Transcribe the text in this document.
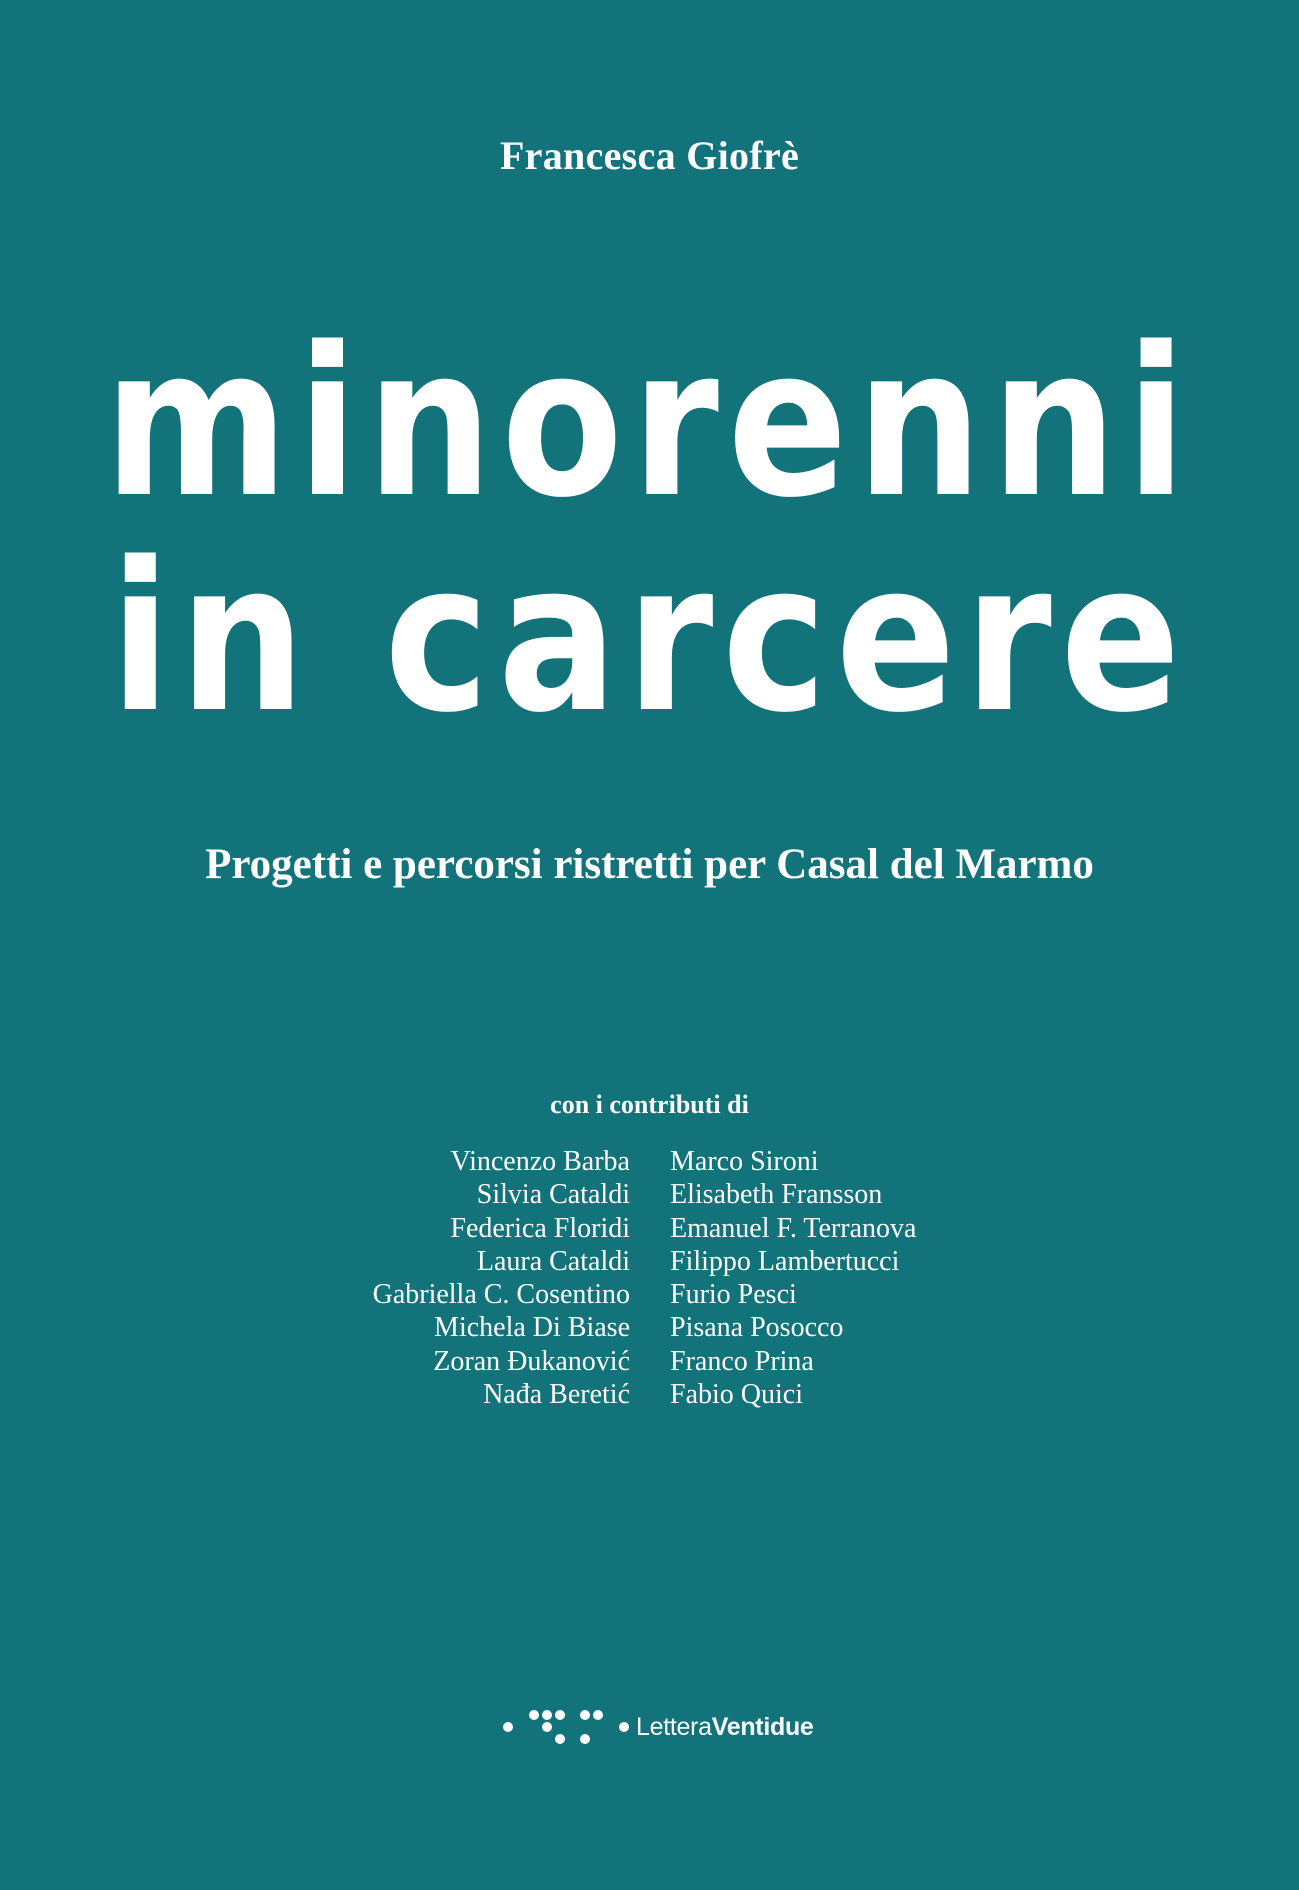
Francesca Giofrè
minorenni
in carcere
Progetti e percorsi ristretti per Casal del Marmo
con i contributi di
Vincenzo Barba
Silvia Cataldi
Federica Floridi
Laura Cataldi
Gabriella C. Cosentino
Michela Di Biase
Zoran Đukanović
Nađa Beretić
Marco Sironi
Elisabeth Fransson
Emanuel F. Terranova
Filippo Lambertucci
Furio Pesci
Pisana Posocco
Franco Prina
Fabio Quici
LetteraVentidue
